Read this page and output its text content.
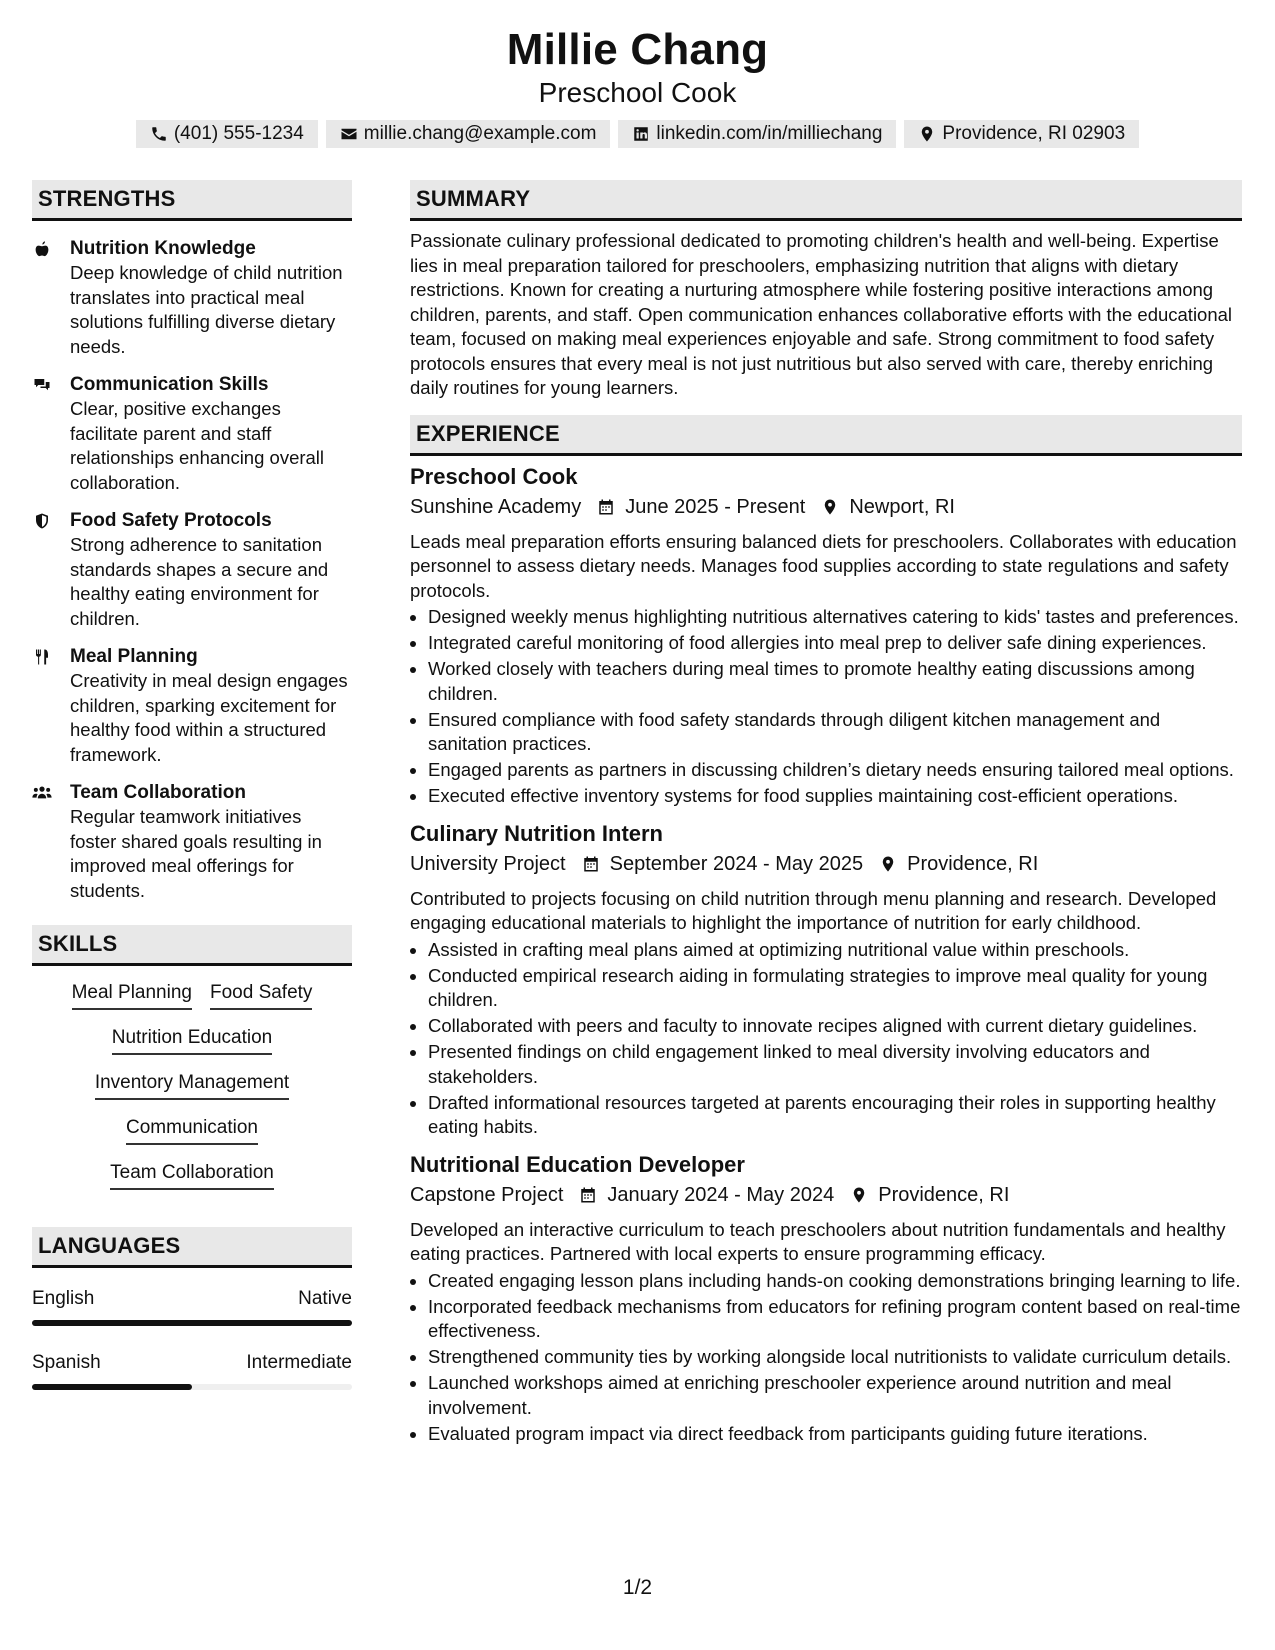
Millie Chang
Preschool Cook
(401) 555-1234	millie.chang@example.com	linkedin.com/in/milliechang	Providence, RI 02903
STRENGTHS
Nutrition Knowledge
Deep knowledge of child nutrition translates into practical meal solutions fulfilling diverse dietary needs.
Communication Skills
Clear, positive exchanges facilitate parent and staff relationships enhancing overall collaboration.
Food Safety Protocols
Strong adherence to sanitation standards shapes a secure and healthy eating environment for children.
Meal Planning
Creativity in meal design engages children, sparking excitement for healthy food within a structured framework.
Team Collaboration
Regular teamwork initiatives foster shared goals resulting in improved meal offerings for students.
SKILLS
Meal Planning Food Safety
Nutrition Education
Inventory Management
Communication
Team Collaboration
LANGUAGES
English	Native
Spanish	Intermediate
SUMMARY
Passionate culinary professional dedicated to promoting children's health and well-being. Expertise lies in meal preparation tailored for preschoolers, emphasizing nutrition that aligns with dietary restrictions. Known for creating a nurturing atmosphere while fostering positive interactions among children, parents, and staff. Open communication enhances collaborative efforts with the educational team, focused on making meal experiences enjoyable and safe. Strong commitment to food safety protocols ensures that every meal is not just nutritious but also served with care, thereby enriching daily routines for young learners.
EXPERIENCE
Preschool Cook
Sunshine Academy June 2025 - Present Newport, RI
Leads meal preparation efforts ensuring balanced diets for preschoolers. Collaborates with education personnel to assess dietary needs. Manages food supplies according to state regulations and safety protocols.
• Designed weekly menus highlighting nutritious alternatives catering to kids' tastes and preferences.
• Integrated careful monitoring of food allergies into meal prep to deliver safe dining experiences.
• Worked closely with teachers during meal times to promote healthy eating discussions among children.
• Ensured compliance with food safety standards through diligent kitchen management and sanitation practices.
• Engaged parents as partners in discussing children’s dietary needs ensuring tailored meal options.
• Executed effective inventory systems for food supplies maintaining cost-efficient operations.
Culinary Nutrition Intern
University Project September 2024 - May 2025 Providence, RI
Contributed to projects focusing on child nutrition through menu planning and research. Developed engaging educational materials to highlight the importance of nutrition for early childhood.
• Assisted in crafting meal plans aimed at optimizing nutritional value within preschools.
• Conducted empirical research aiding in formulating strategies to improve meal quality for young children.
• Collaborated with peers and faculty to innovate recipes aligned with current dietary guidelines.
• Presented findings on child engagement linked to meal diversity involving educators and stakeholders.
• Drafted informational resources targeted at parents encouraging their roles in supporting healthy eating habits.
Nutritional Education Developer
Capstone Project January 2024 - May 2024 Providence, RI
Developed an interactive curriculum to teach preschoolers about nutrition fundamentals and healthy eating practices. Partnered with local experts to ensure programming efficacy.
• Created engaging lesson plans including hands-on cooking demonstrations bringing learning to life.
• Incorporated feedback mechanisms from educators for refining program content based on real-time effectiveness.
• Strengthened community ties by working alongside local nutritionists to validate curriculum details.
• Launched workshops aimed at enriching preschooler experience around nutrition and meal involvement.
• Evaluated program impact via direct feedback from participants guiding future iterations.
1/2
